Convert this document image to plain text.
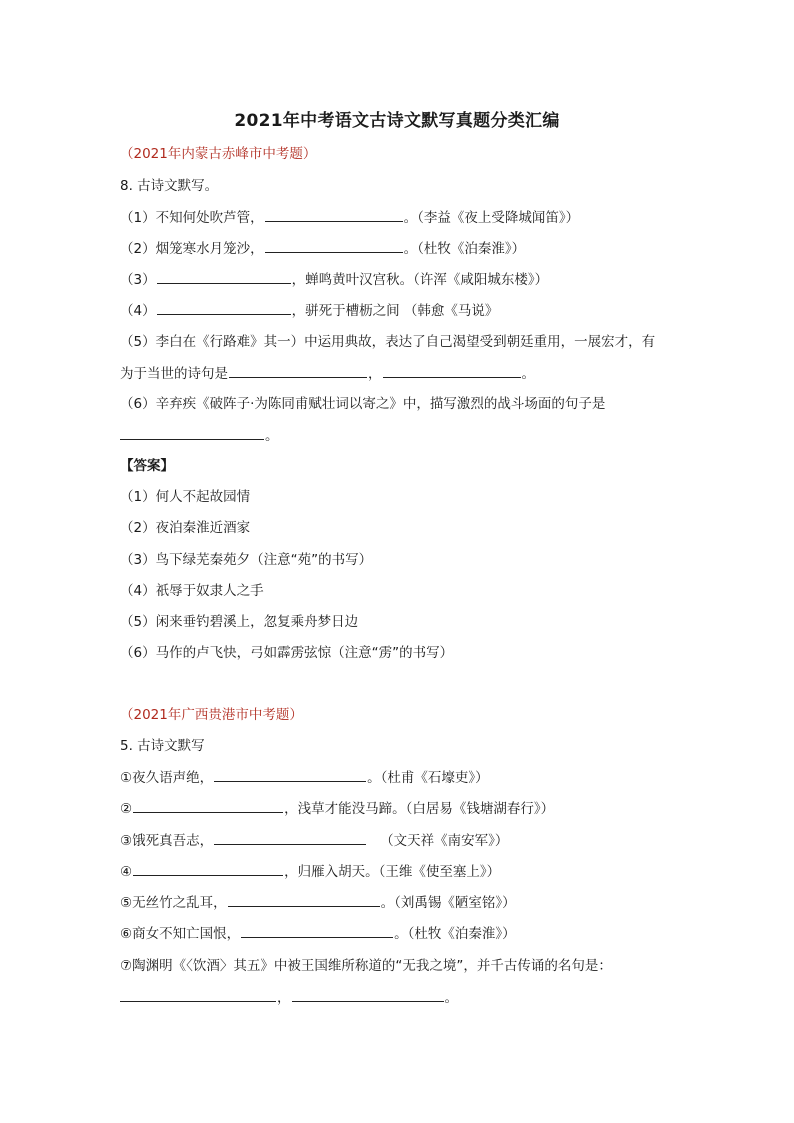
2021年中考语文古诗文默写真题分类汇编
（2021年内蒙古赤峰市中考题）
8. 古诗文默写。
（1）不知何处吹芦管，	。（李益《夜上受降城闻笛》）
（2）烟笼寒水月笼沙，	。（杜牧《泊秦淮》）
（3）	，蝉鸣黄叶汉宫秋。（许浑《咸阳城东楼》）
（4）	，骈死于槽枥之间 （韩愈《马说》
（5）李白在《行路难》其一）中运用典故，表达了自己渴望受到朝廷重用，一展宏才，有
为于当世的诗句是	，	。
（6）辛弃疾《破阵子·为陈同甫赋壮词以寄之》中，描写激烈的战斗场面的句子是
。
【答案】
（1）何人不起故园情
（2）夜泊秦淮近酒家
（3）鸟下绿芜秦苑夕（注意“苑”的书写）
（4）祇辱于奴隶人之手
（5）闲来垂钓碧溪上，忽复乘舟梦日边
（6）马作的卢飞快，弓如霹雳弦惊（注意“雳”的书写）
（2021年广西贵港市中考题）
5. 古诗文默写
①夜久语声绝，	。（杜甫《石壕吏》）
②	，浅草才能没马蹄。（白居易《钱塘湖春行》）
③饿死真吾志，	（文天祥《南安军》）
④	，归雁入胡天。（王维《使至塞上》）
⑤无丝竹之乱耳，	。（刘禹锡《陋室铭》）
⑥商女不知亡国恨，	。（杜牧《泊秦淮》）
⑦陶渊明《〈饮酒〉其五》中被王国维所称道的“无我之境”，并千古传诵的名句是：
，	。
